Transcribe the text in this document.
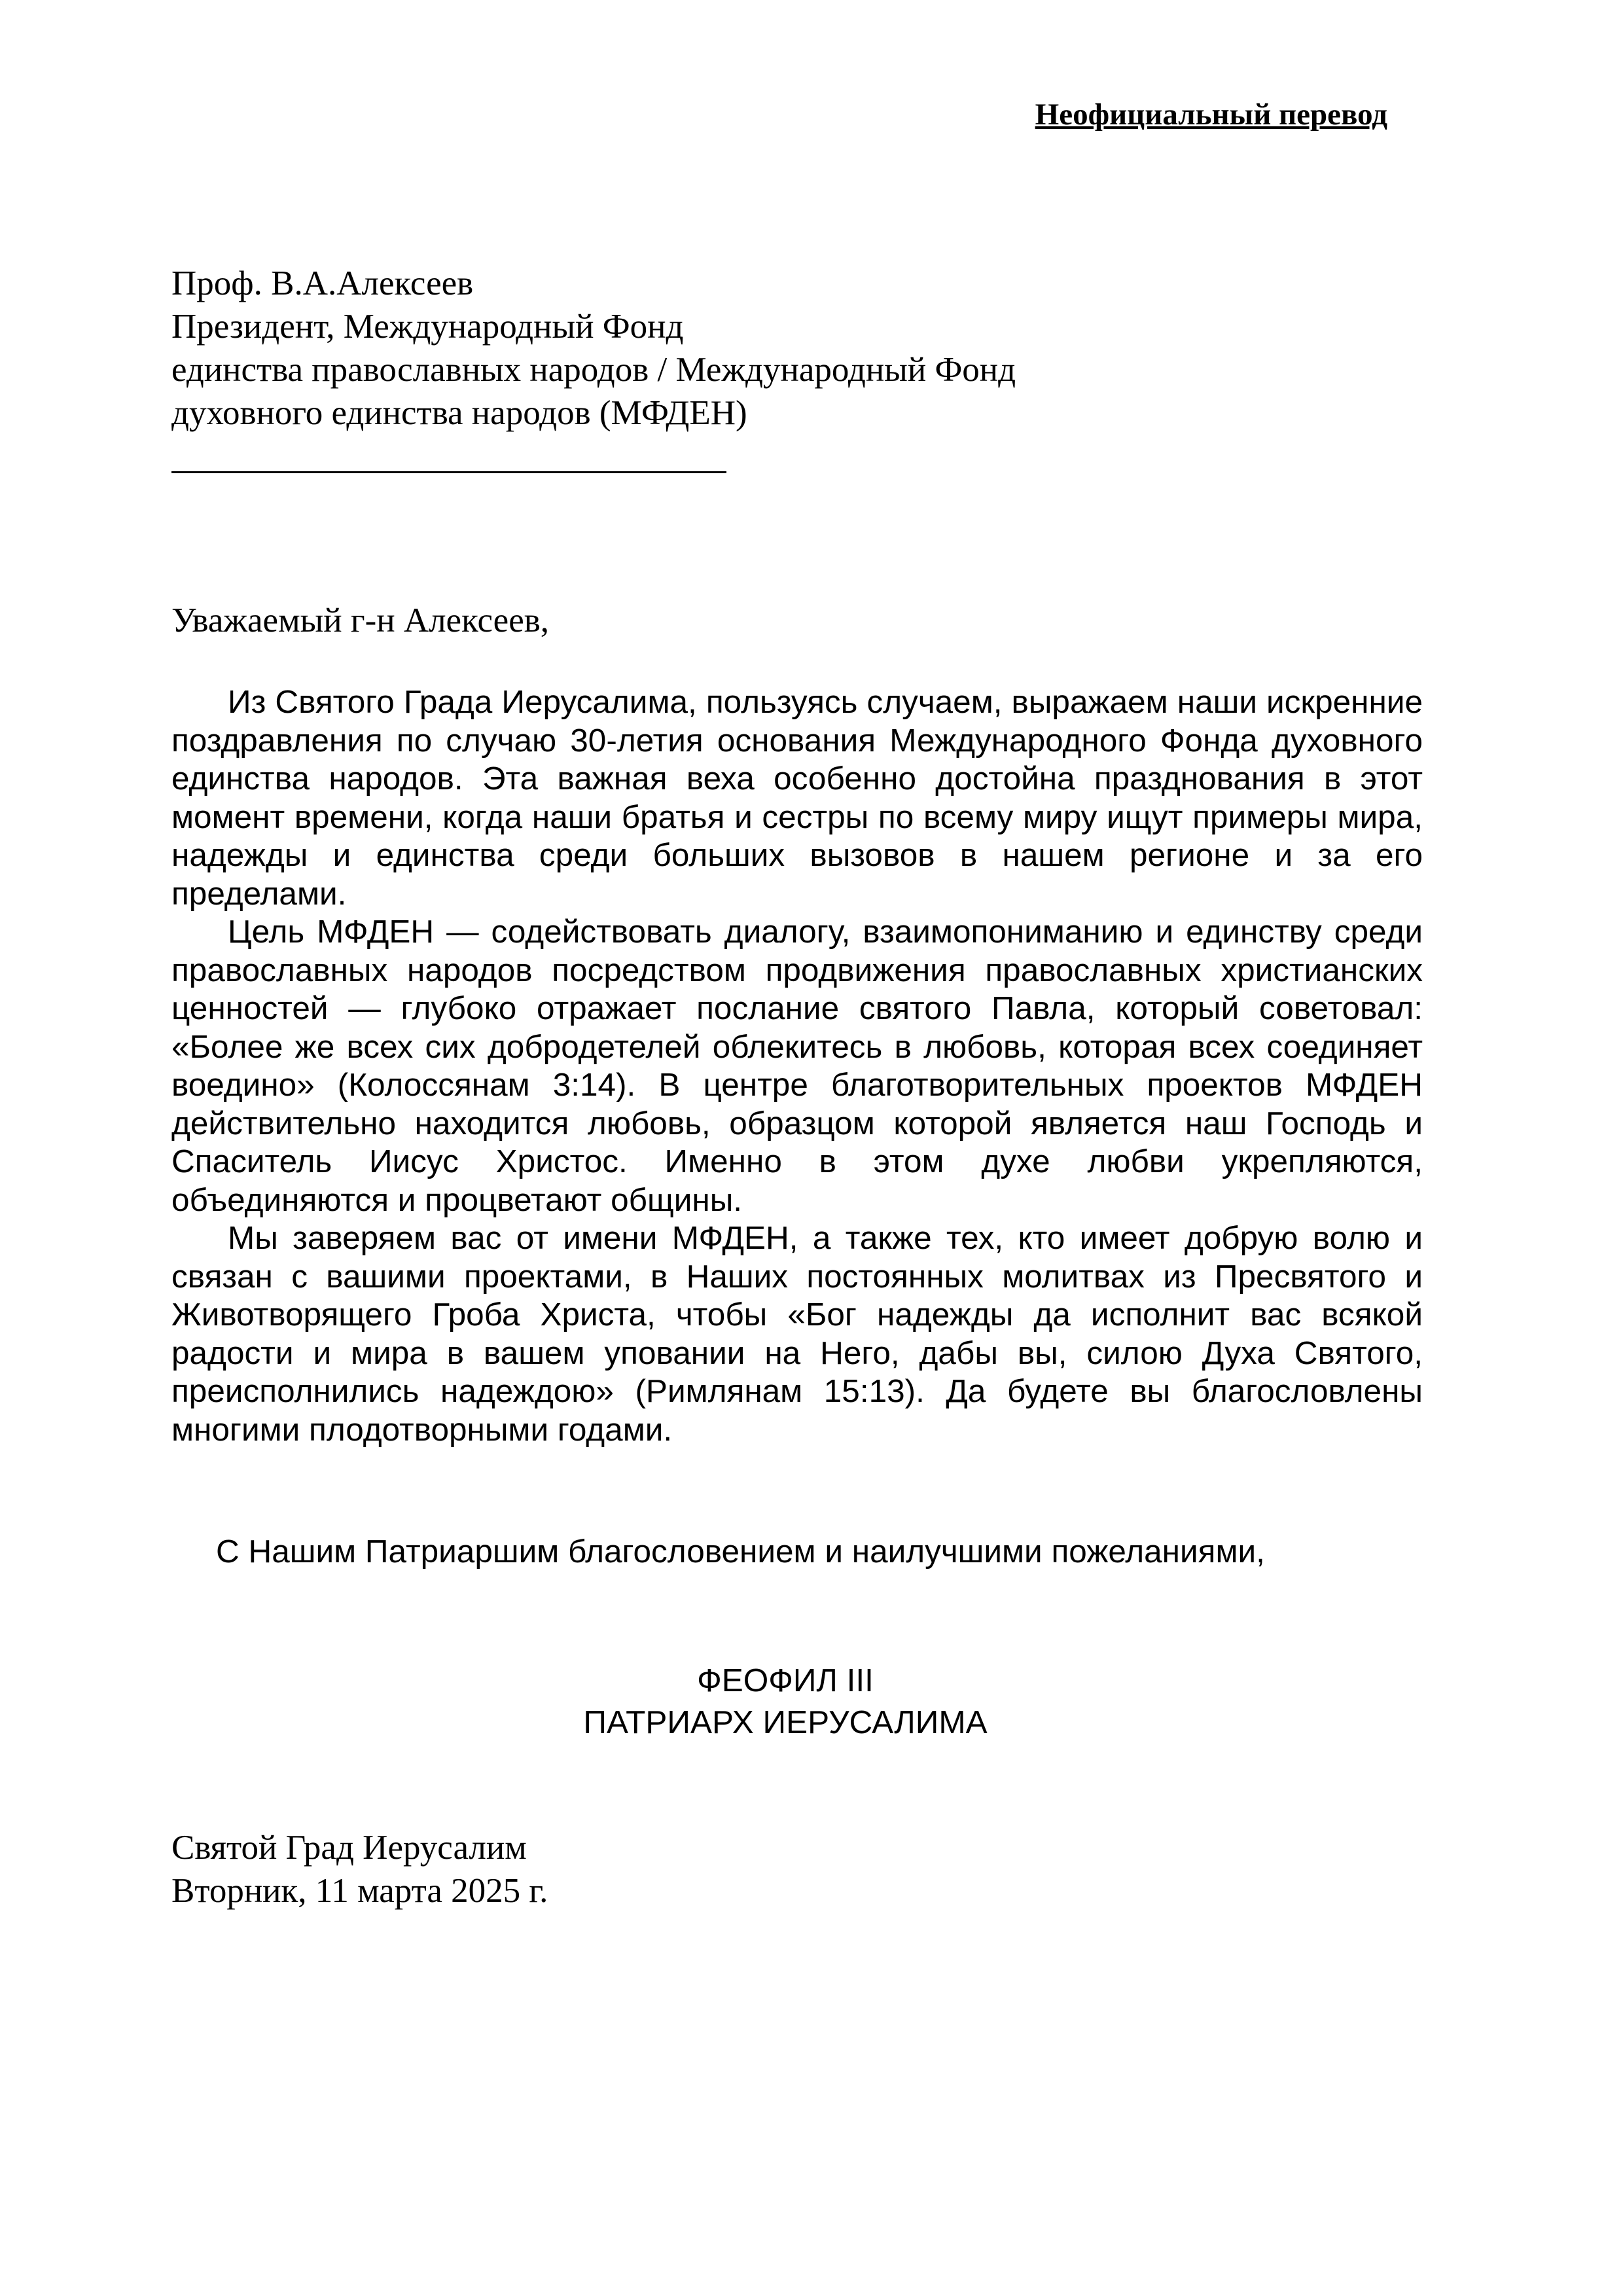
Неофициальный перевод
Проф. В.А.Алексеев
Президент, Международный Фонд
единства православных народов / Международный Фонд
духовного единства народов (МФДЕН)
Уважаемый г-н Алексеев,

Из Святого Града Иерусалима, пользуясь случаем, выражаем наши искренние поздравления по случаю 30-летия основания Международного Фонда духовного единства народов. Эта важная веха особенно достойна празднования в этот момент времени, когда наши братья и сестры по всему миру ищут примеры мира, надежды и единства среди больших вызовов в нашем регионе и за его пределами.

Цель МФДЕН — содействовать диалогу, взаимопониманию и единству среди православных народов посредством продвижения православных христианских ценностей — глубоко отражает послание святого Павла, который советовал: «Более же всех сих добродетелей облекитесь в любовь, которая всех соединяет воедино» (Колоссянам 3:14). В центре благотворительных проектов МФДЕН действительно находится любовь, образцом которой является наш Господь и Спаситель Иисус Христос. Именно в этом духе любви укрепляются, объединяются и процветают общины.

Мы заверяем вас от имени МФДЕН, а также тех, кто имеет добрую волю и связан с вашими проектами, в Наших постоянных молитвах из Пресвятого и Животворящего Гроба Христа, чтобы «Бог надежды да исполнит вас всякой радости и мира в вашем уповании на Него, дабы вы, силою Духа Святого, преисполнились надеждою» (Римлянам 15:13). Да будете вы благословлены многими плодотворными годами.

С Нашим Патриаршим благословением и наилучшими пожеланиями,
ФЕОФИЛ III
ПАТРИАРХ ИЕРУСАЛИМА
Святой Град Иерусалим
Вторник, 11 марта 2025 г.
